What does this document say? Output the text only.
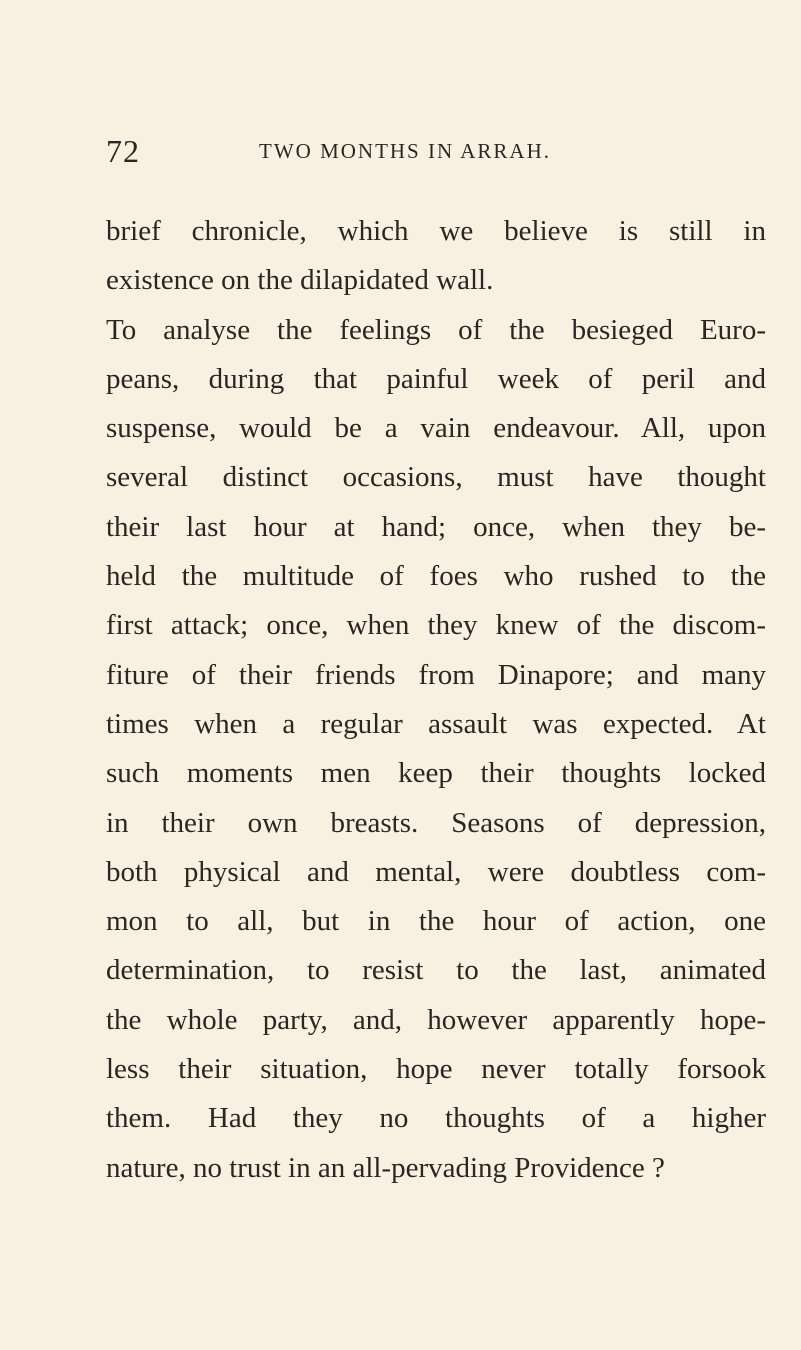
72	TWO MONTHS IN ARRAH.
brief chronicle, which we believe is still in
existence on the dilapidated wall.
To analyse the feelings of the besieged Euro-
peans, during that painful week of peril and
suspense, would be a vain endeavour. All, upon
several distinct occasions, must have thought
their last hour at hand; once, when they be-
held the multitude of foes who rushed to the
first attack; once, when they knew of the discom-
fiture of their friends from Dinapore; and many
times when a regular assault was expected. At
such moments men keep their thoughts locked
in their own breasts. Seasons of depression,
both physical and mental, were doubtless com-
mon to all, but in the hour of action, one
determination, to resist to the last, animated
the whole party, and, however apparently hope-
less their situation, hope never totally forsook
them. Had they no thoughts of a higher
nature, no trust in an all-pervading Providence ?
